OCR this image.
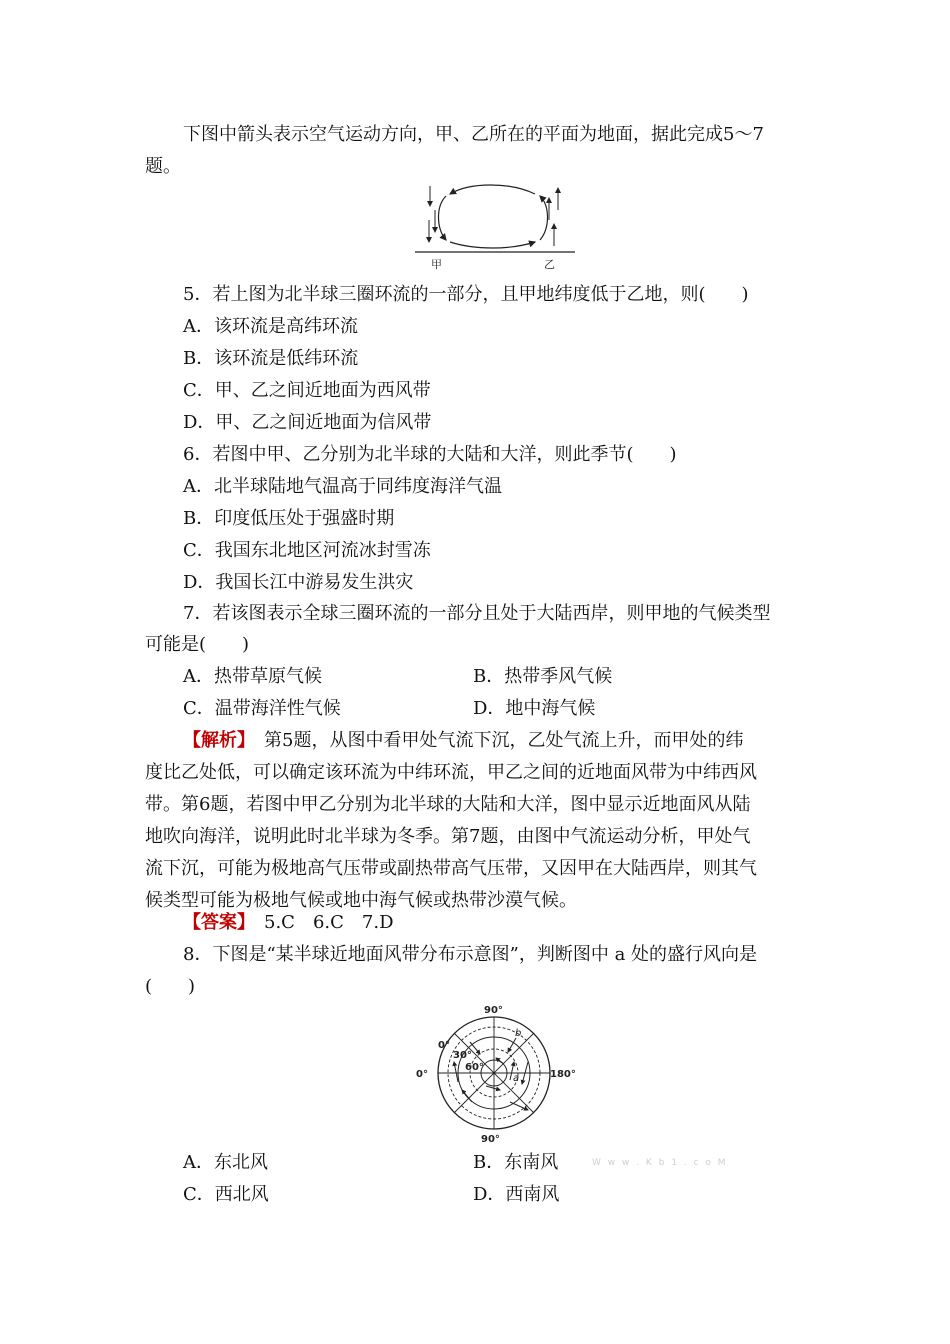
下图中箭头表示空气运动方向，甲、乙所在的平面为地面，据此完成5～7
题。
甲	乙
5．若上图为北半球三圈环流的一部分，且甲地纬度低于乙地，则(　　)
A．该环流是高纬环流
B．该环流是低纬环流
C．甲、乙之间近地面为西风带
D．甲、乙之间近地面为信风带
6．若图中甲、乙分别为北半球的大陆和大洋，则此季节(　　)
A．北半球陆地气温高于同纬度海洋气温
B．印度低压处于强盛时期
C．我国东北地区河流冰封雪冻
D．我国长江中游易发生洪灾
7．若该图表示全球三圈环流的一部分且处于大陆西岸，则甲地的气候类型
可能是(　　)
A．热带草原气候	B．热带季风气候
C．温带海洋性气候	D．地中海气候
【解析】　第5题，从图中看甲处气流下沉，乙处气流上升，而甲处的纬
度比乙处低，可以确定该环流为中纬环流，甲乙之间的近地面风带为中纬西风
带。第6题，若图中甲乙分别为北半球的大陆和大洋，图中显示近地面风从陆
地吹向海洋，说明此时北半球为冬季。第7题，由图中气流运动分析，甲处气
流下沉，可能为极地高气压带或副热带高气压带，又因甲在大陆西岸，则其气
候类型可能为极地气候或地中海气候或热带沙漠气候。
【答案】　5.C　6.C　7.D
8．下图是“某半球近地面风带分布示意图”，判断图中 a 处的盛行风向是
(　　)
90°
90°
0°	180°
0°
30°
60°
a
b
A．东北风	B．东南风	W w w . K b 1 . c o M
C．西北风	D．西南风
